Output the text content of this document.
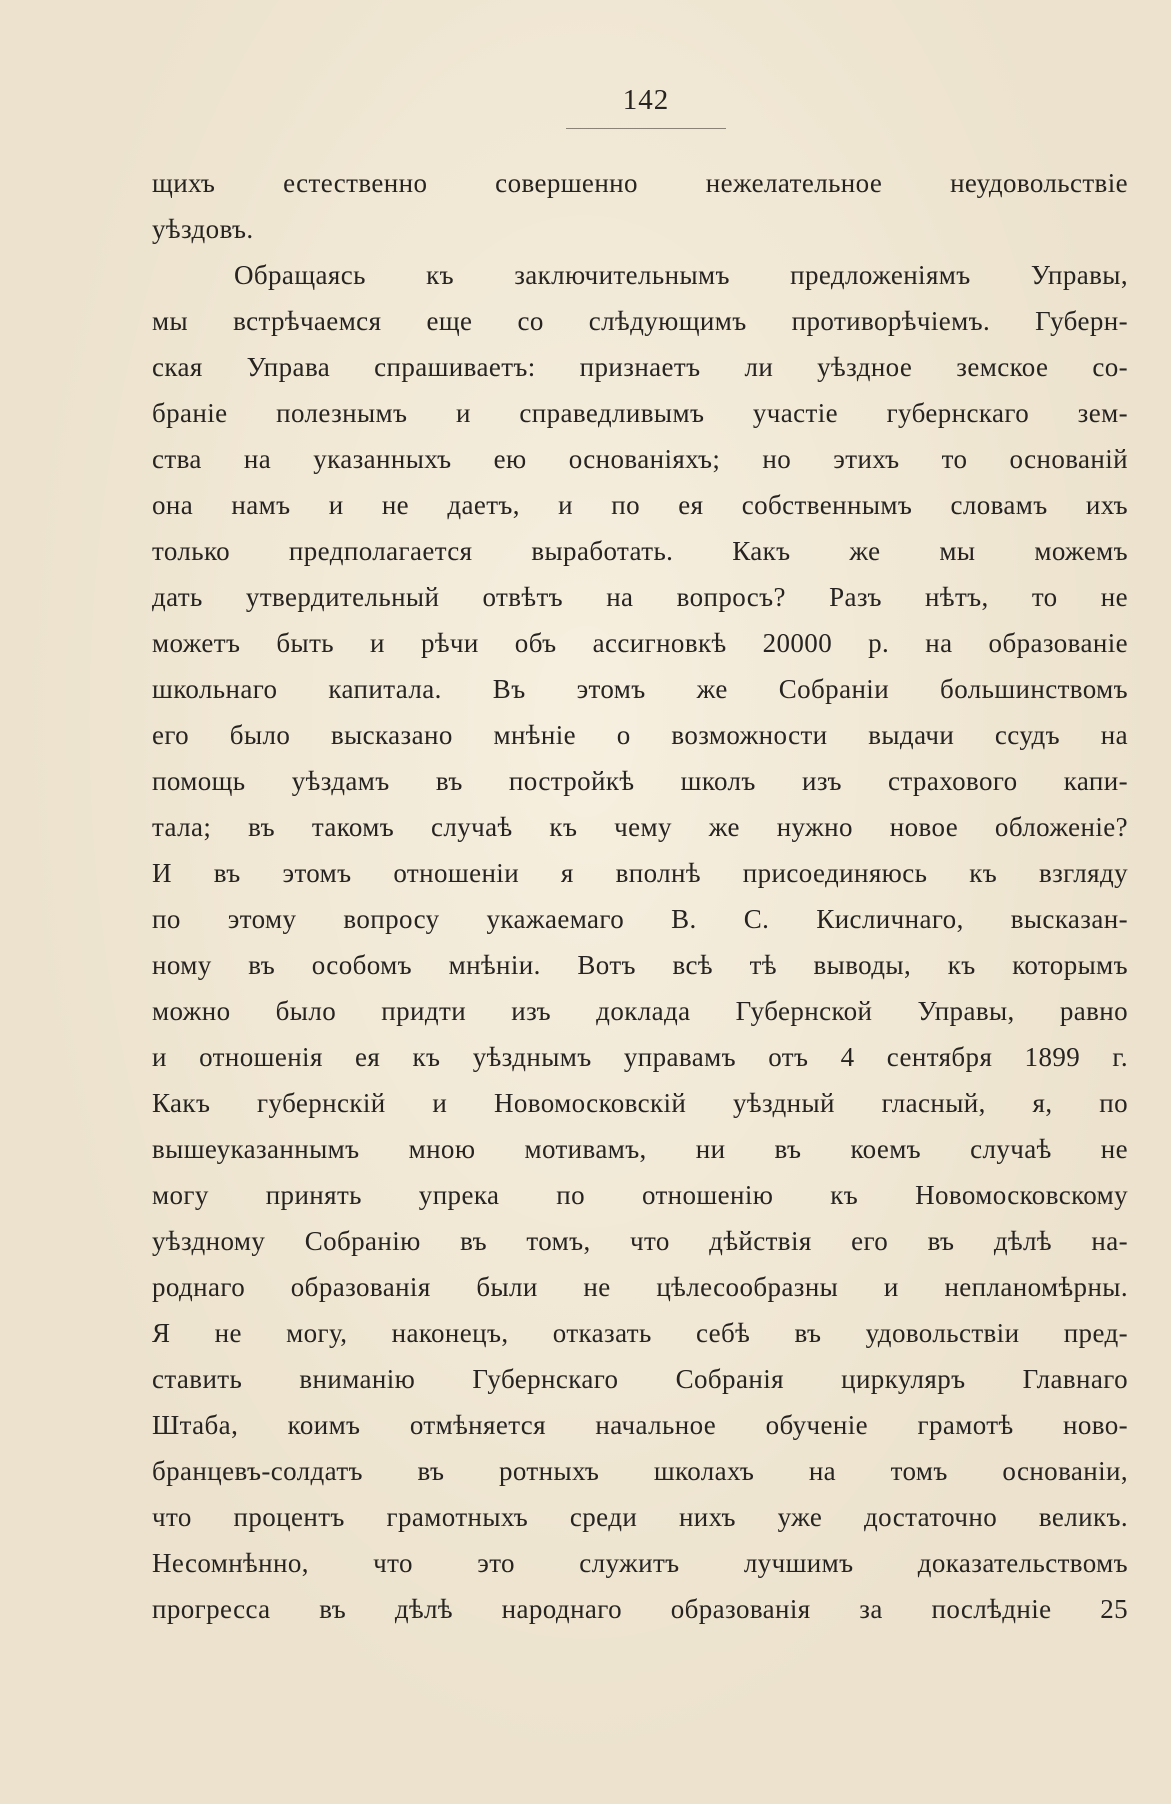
142
щихъ естественно совершенно нежелательное неудовольствіе
уѣздовъ.
Обращаясь къ заключительнымъ предложеніямъ Управы,
мы встрѣчаемся еще со слѣдующимъ противорѣчіемъ. Губерн-
ская Управа спрашиваетъ: признаетъ ли уѣздное земское со-
браніе полезнымъ и справедливымъ участіе губернскаго зем-
ства на указанныхъ ею основаніяхъ; но этихъ то основаній
она намъ и не даетъ, и по ея собственнымъ словамъ ихъ
только предполагается выработать. Какъ же мы можемъ
дать утвердительный отвѣтъ на вопросъ? Разъ нѣтъ, то не
можетъ быть и рѣчи объ ассигновкѣ 20000 р. на образованіе
школьнаго капитала. Въ этомъ же Собраніи большинствомъ
его было высказано мнѣніе о возможности выдачи ссудъ на
помощь уѣздамъ въ постройкѣ школъ изъ страхового капи-
тала; въ такомъ случаѣ къ чему же нужно новое обложеніе?
И въ этомъ отношеніи я вполнѣ присоединяюсь къ взгляду
по этому вопросу укажаемаго В. С. Кисличнаго, высказан-
ному въ особомъ мнѣніи. Вотъ всѣ тѣ выводы, къ которымъ
можно было придти изъ доклада Губернской Управы, равно
и отношенія ея къ уѣзднымъ управамъ отъ 4 сентября 1899 г.
Какъ губернскій и Новомосковскій уѣздный гласный, я, по
вышеуказаннымъ мною мотивамъ, ни въ коемъ случаѣ не
могу принять упрека по отношенію къ Новомосковскому
уѣздному Собранію въ томъ, что дѣйствія его въ дѣлѣ на-
роднаго образованія были не цѣлесообразны и непланомѣрны.
Я не могу, наконецъ, отказать себѣ въ удовольствіи пред-
ставить вниманію Губернскаго Собранія циркуляръ Главнаго
Штаба, коимъ отмѣняется начальное обученіе грамотѣ ново-
бранцевъ-солдатъ въ ротныхъ школахъ на томъ основаніи,
что процентъ грамотныхъ среди нихъ уже достаточно великъ.
Несомнѣнно, что это служитъ лучшимъ доказательствомъ
прогресса въ дѣлѣ народнаго образованія за послѣдніе 25
